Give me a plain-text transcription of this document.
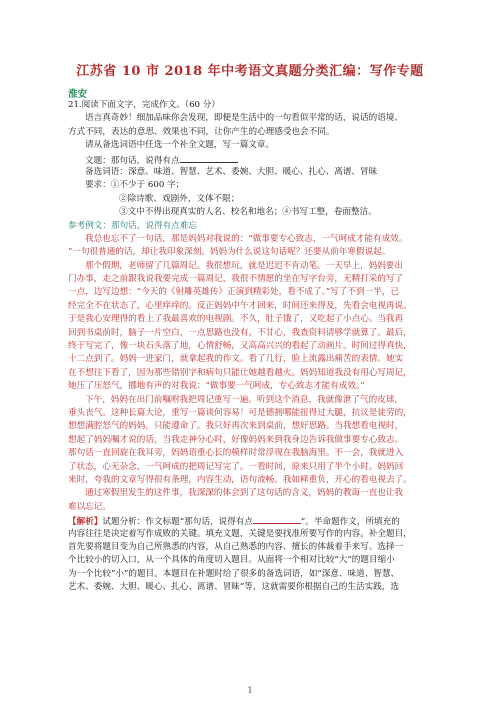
江苏省 10 市 2018 年中考语文真题分类汇编：写作专题
淮安
21.阅读下面文字，完成作文。（60 分）
语言真奇妙！细加品味你会发现，即便是生活中的一句看似平常的话，说话的语境、
方式不同，表达的意思、效果也不同，让你产生的心理感受也会不同。
请从备选词语中任选一个补全文题，写一篇文章。
文题：那句话，说得有点
备选词语：深意、味道、智慧、艺术、委婉、大胆、暖心、扎心、离谱、冒昧
要求：①不少于 600 字；
②除诗歌、戏剧外，文体不限；
③文中不得出现真实的人名、校名和地名；④书写工整，卷面整洁。
参考例文：那句话，说得有点难忘
我总也忘不了一句话，那是妈妈对我说的：“做事要专心致志，一气呵成才能有成效。
”一句很普通的话，却让我印象深刻。妈妈为什么说这句话呢？还要从前年寒假说起。
那个假期，老师留了几篇周记。我很想玩，就是迟迟不肯动笔。一天早上，妈妈要出
门办事，走之前跟我说我要完成一篇周记，我很不情愿的坐在写字台旁，无精打采的写了
一点，边写边想：“今天的《射雕英雄传》正演到精彩处，看不成了。”写了不到一半，已
经完全不在状态了，心里痒痒的。反正妈妈中午才回来，时间还来得及，先看会电视再说。
于是我心安理得的看上了我最喜欢的电视剧。不久，肚子饿了，又吃起了小点心。当我再
回到书桌前时，脑子一片空白，一点思路也没有。不甘心，我查资料请够学就算了。最后，
终于写完了，像一块石头落了地，心情舒畅，又高高兴兴的看起了动画片。时间过得真快，
十二点到了。妈妈一进家门，就拿起我的作文。看了几行，脸上流露出痛苦的表情。她实
在不想往下看了，因为那些错别字和病句只能让她越看越火。妈妈知道我没有用心写周记，
她压了压怒气，挪地有声的对我说：“做事要一气呵成，专心致志才能有成效。”
下午，妈妈在出门前嘱咐我把周记重写一遍。听到这个消息，我就像泄了气的皮球，
垂头丧气。这种长篇大论，重写一篇谈何容易！可是德拥哪能扭得过大腿，抗议是徒劳的，
想想满腔怒气的妈妈，只能遵命了。我只好再次来到桌前，想好思路。当我想看电视时，
想起了妈妈嘱才说的话，当我走神分心时，好像妈妈来到我身边告诉我做事要专心致志。
那句话一直回旋在我耳旁，妈妈语重心长的模样时常浮现在我脑海里。不一会，我就进入
了状态，心无杂念，一气呵成的把周记写完了。一看时间，原来只用了半个小时。妈妈回
来时，夸我的文章写得很有条理，内容生动，语句流畅。我如释重负，开心的看电视去了。
通过寒假里发生的这件事，我深深的体会到了这句话的含义，妈妈的教诲一直也让我
难以忘记。
【解析】试题分析：作文标题“那句话，说得有点	”。半命题作文，所填充的
内容往往是决定着写作成败的关键。填充文题，关键是要找准所要写作的内容。补全题目，
首先要将题目变为自己所熟悉的内容，从自己熟悉的内容、擅长的体裁着手来写。选择一
个比较小的切入口，从一个具体的角度切入题目。从面将一个相对比较“大”的题目缩小
为一个比较“小”的题目。本题目在补题时给了很多的备选词语，如“深意、味道、智慧、
艺术、委婉、大胆、暖心、扎心、离谱、冒昧”等，这就需要你根据自己的生活实践，选
1
